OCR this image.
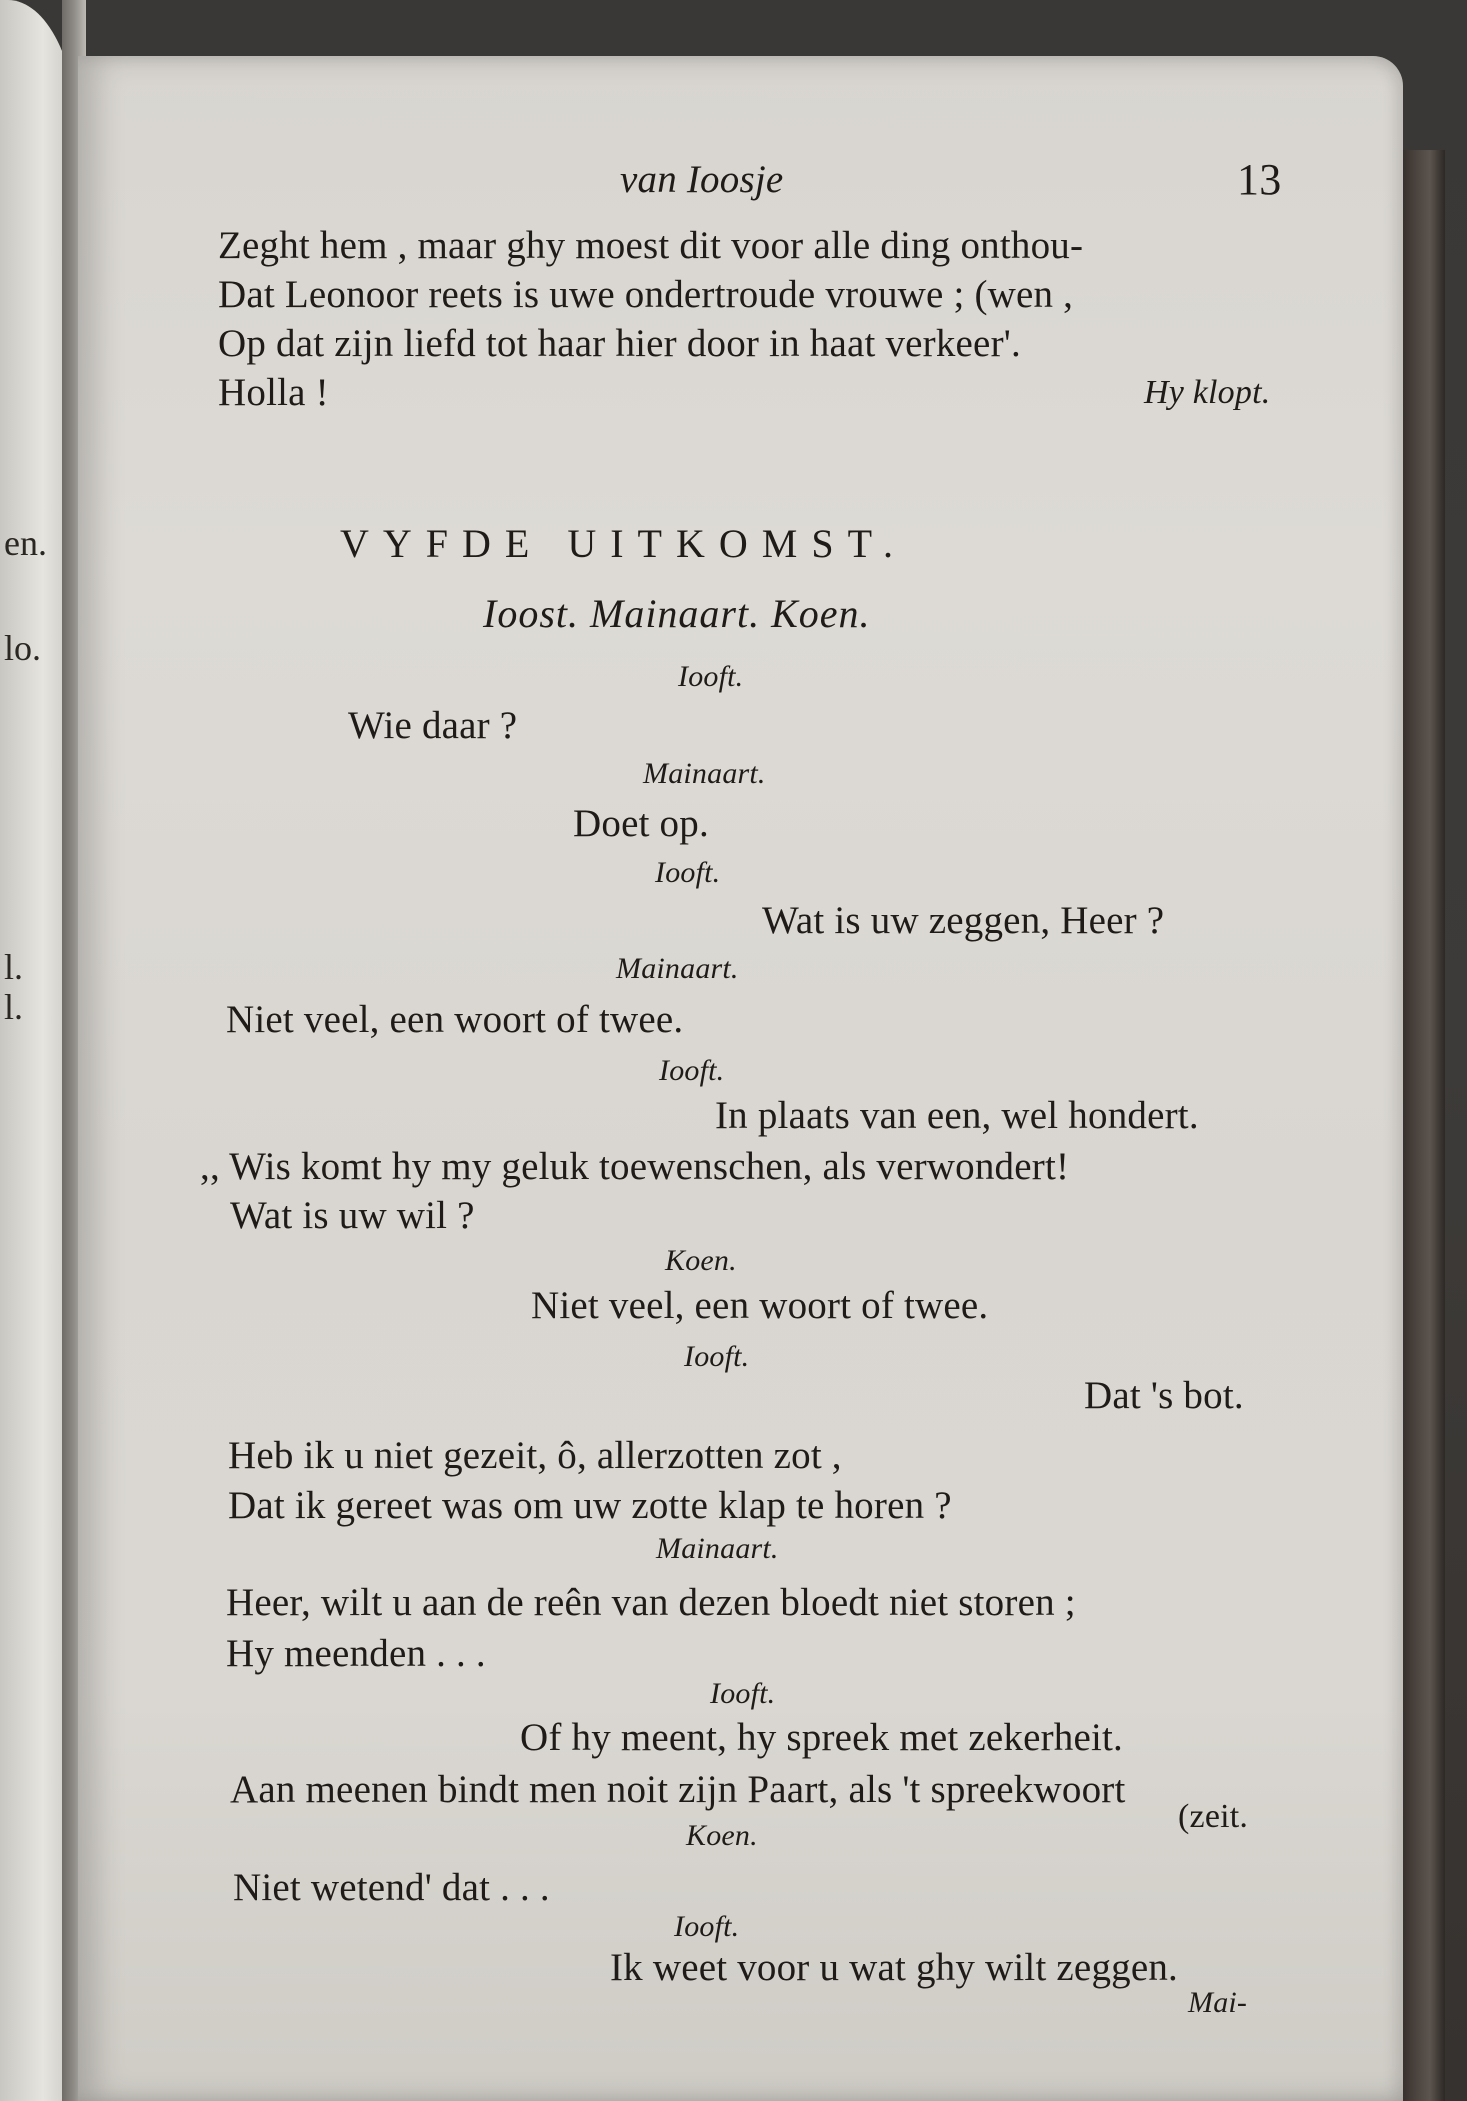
en.
lo.
l.
l.
van Ioosje	13
Zeght hem , maar ghy moest dit voor alle ding onthou-
Dat Leonoor reets is uwe ondertroude vrouwe ; (wen ,
Op dat zijn liefd tot haar hier door in haat verkeer'.
Holla !	Hy klopt.
VYFDE UITKOMST.
Ioost. Mainaart. Koen.
Iooft.
Wie daar ?
Mainaart.
Doet op.
Iooft.
Wat is uw zeggen, Heer ?
Mainaart.
Niet veel, een woort of twee.
Iooft.
In plaats van een, wel hondert.
,, Wis komt hy my geluk toewenschen, als verwondert!
Wat is uw wil ?
Koen.
Niet veel, een woort of twee.
Iooft.
Dat 's bot.
Heb ik u niet gezeit, ô, allerzotten zot ,
Dat ik gereet was om uw zotte klap te horen ?
Mainaart.
Heer, wilt u aan de reên van dezen bloedt niet storen ;
Hy meenden . . .
Iooft.
Of hy meent, hy spreek met zekerheit.
Aan meenen bindt men noit zijn Paart, als 't spreekwoort
(zeit.
Koen.
Niet wetend' dat . . .
Iooft.
Ik weet voor u wat ghy wilt zeggen.
Mai-
